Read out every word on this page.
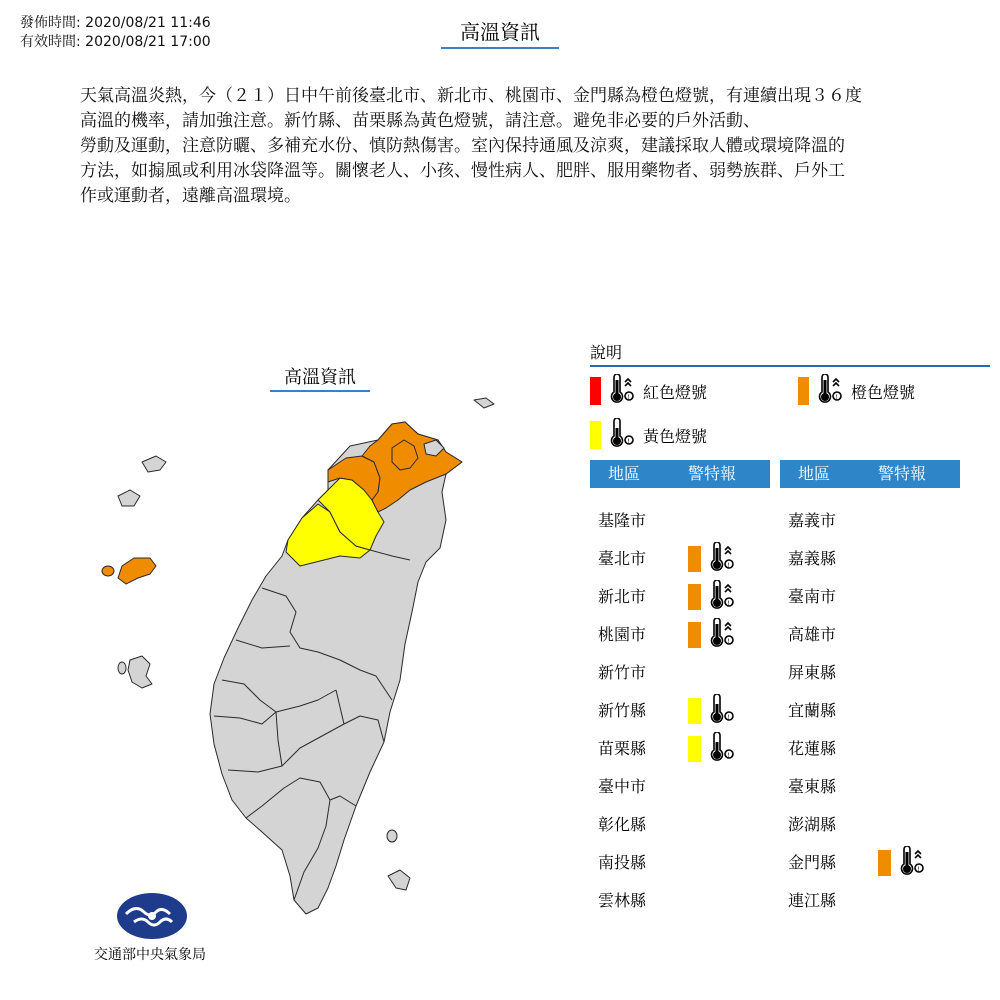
發佈時間: 2020/08/21 11:46
有效時間: 2020/08/21 17:00	高溫資訊

天氣高溫炎熱，今（２１）日中午前後臺北市、新北市、桃園市、金門縣為橙色燈號，有連續出現３６度

高溫的機率，請加強注意。新竹縣、苗栗縣為黃色燈號，請注意。避免非必要的戶外活動、

勞動及運動，注意防曬、多補充水份、慎防熱傷害。室內保持通風及涼爽，建議採取人體或環境降溫的

方法，如搧風或利用冰袋降溫等。關懷老人、小孩、慢性病人、肥胖、服用藥物者、弱勢族群、戶外工

作或運動者，遠離高溫環境。

高溫資訊
說明
! 紅色燈號	! 橙色燈號
! 黃色燈號
地區	警特報	地區	警特報
基隆市
臺北市	!
新北市	!
桃園市	!
新竹市
新竹縣	!
苗栗縣	!
臺中市
彰化縣
南投縣
雲林縣
嘉義市
嘉義縣
臺南市
高雄市
屏東縣
宜蘭縣
花蓮縣
臺東縣
澎湖縣
金門縣	!
連江縣
交通部中央氣象局
